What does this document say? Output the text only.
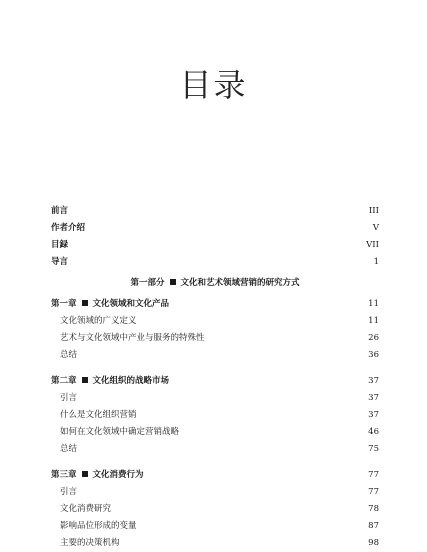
目录
前言	III
作者介绍	V
目録	VII
导言	1
第一部分 文化和艺术领域营销的研究方式
第一章 文化领域和文化产品	11
文化领域的广义定义	11
艺术与文化领域中产业与服务的特殊性	26
总结	36
第二章 文化组织的战略市场	37
引言	37
什么是文化组织营销	37
如何在文化领域中确定营销战略	46
总结	75
第三章 文化消费行为	77
引言	77
文化消费研究	78
影响品位形成的变量	87
主要的决策机构	98
